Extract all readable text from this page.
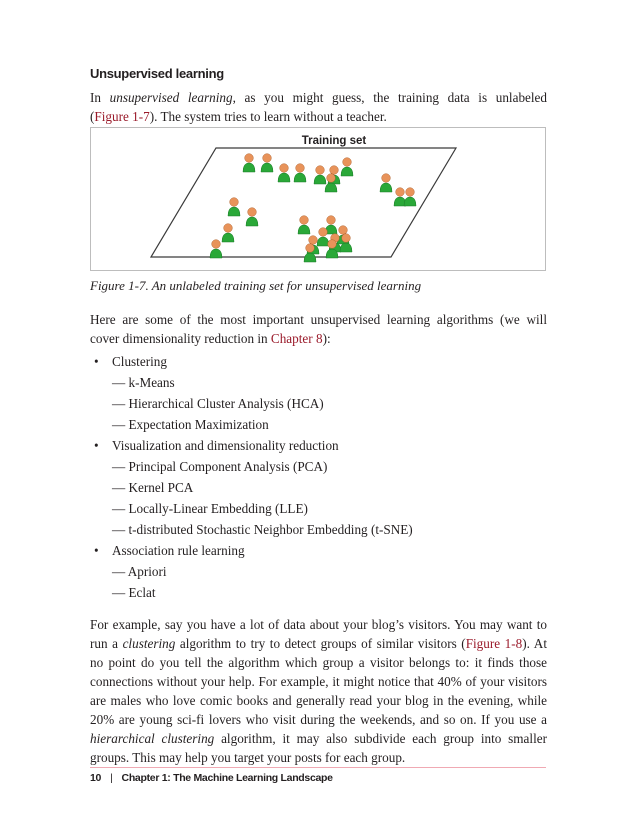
Unsupervised learning
In unsupervised learning, as you might guess, the training data is unlabeled
(Figure 1-7). The system tries to learn without a teacher.
Training set
Figure 1-7. An unlabeled training set for unsupervised learning
Here are some of the most important unsupervised learning algorithms (we will
cover dimensionality reduction in Chapter 8):
• Clustering
— k-Means
— Hierarchical Cluster Analysis (HCA)
— Expectation Maximization
• Visualization and dimensionality reduction
— Principal Component Analysis (PCA)
— Kernel PCA
— Locally-Linear Embedding (LLE)
— t-distributed Stochastic Neighbor Embedding (t-SNE)
• Association rule learning
— Apriori
— Eclat
For example, say you have a lot of data about your blog’s visitors. You may want to
run a clustering algorithm to try to detect groups of similar visitors (Figure 1-8). At
no point do you tell the algorithm which group a visitor belongs to: it finds those
connections without your help. For example, it might notice that 40% of your visitors
are males who love comic books and generally read your blog in the evening, while
20% are young sci-fi lovers who visit during the weekends, and so on. If you use a
hierarchical clustering algorithm, it may also subdivide each group into smaller
groups. This may help you target your posts for each group.
10 | Chapter 1: The Machine Learning Landscape
